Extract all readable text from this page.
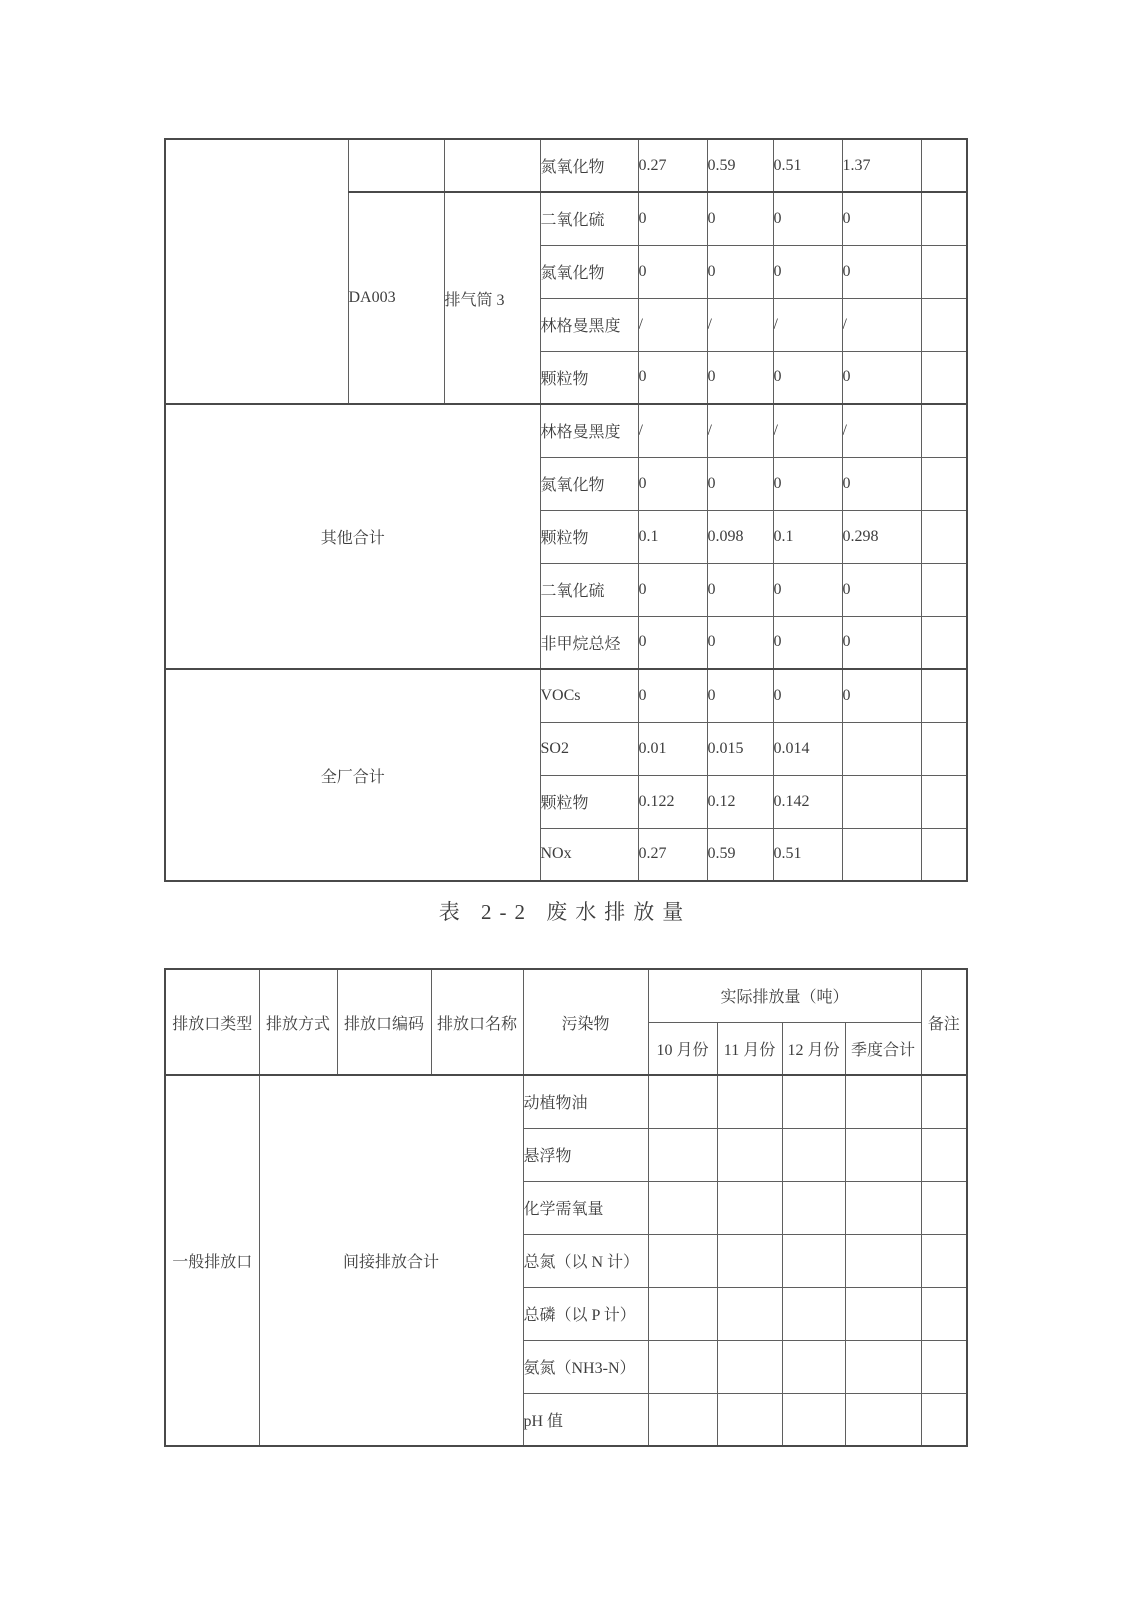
			氮氧化物	0.27	0.59	0.51	1.37	
	DA003	排气筒 3	二氧化硫	0	0	0	0	
			氮氧化物	0	0	0	0	
			林格曼黑度	/	/	/	/	
			颗粒物	0	0	0	0	
其他合计			林格曼黑度	/	/	/	/	
			氮氧化物	0	0	0	0	
			颗粒物	0.1	0.098	0.1	0.298	
			二氧化硫	0	0	0	0	
			非甲烷总烃	0	0	0	0	
全厂合计			VOCs	0	0	0	0	
			SO2	0.01	0.015	0.014		
			颗粒物	0.122	0.12	0.142		
			NOx	0.27	0.59	0.51		
表 2-2 废水排放量
排放口类型	排放方式	排放口编码	排放口名称	污染物	实际排放量（吨）				备注
					10 月份	11 月份	12 月份	季度合计	
一般排放口	间接排放合计			动植物油					
				悬浮物					
				化学需氧量					
				总氮（以 N 计）					
				总磷（以 P 计）					
				氨氮（NH3-N）					
				pH 值					
